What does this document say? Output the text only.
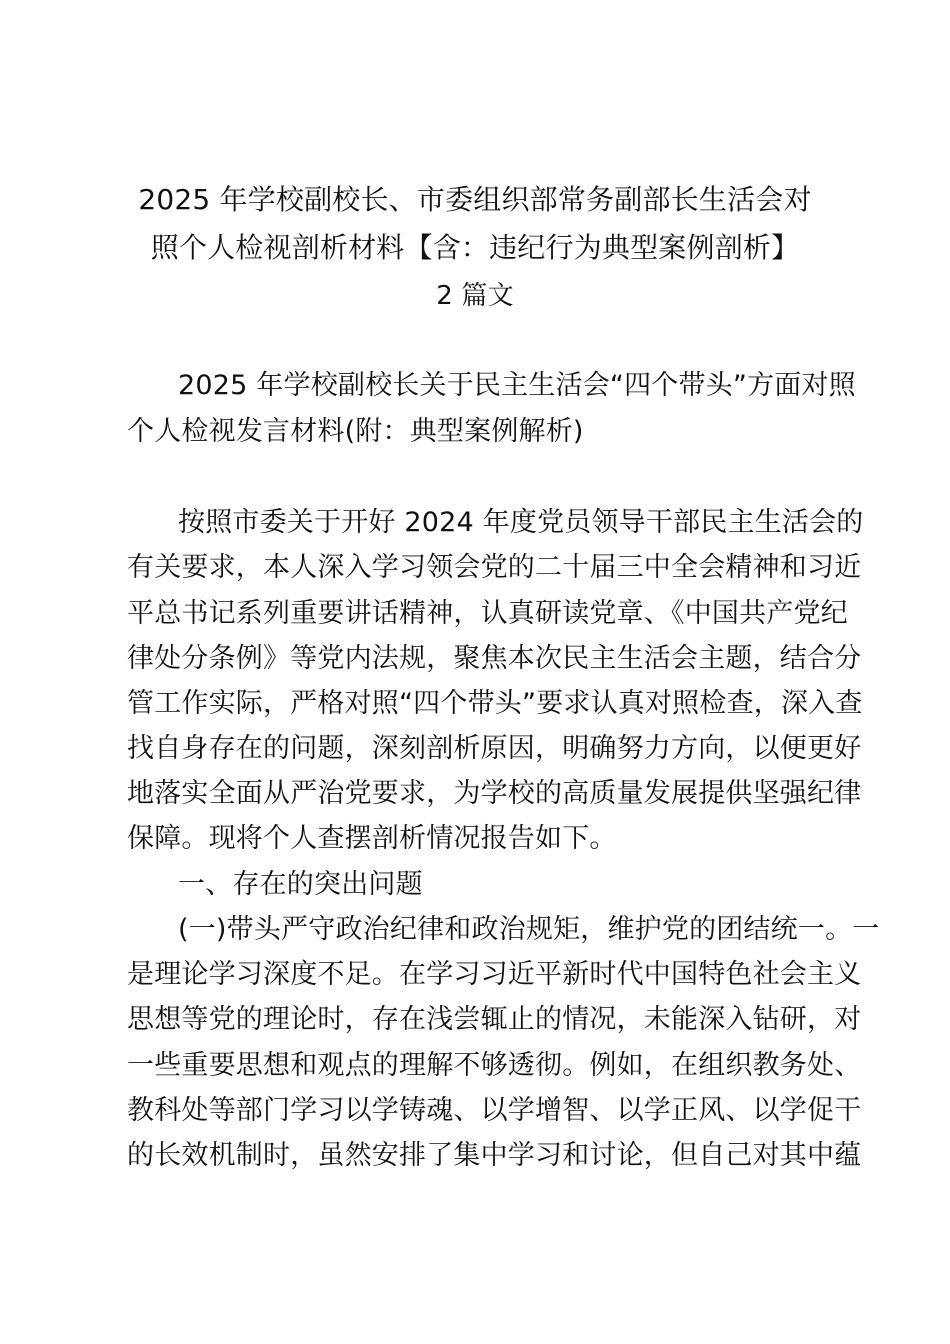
2025 年学校副校长、市委组织部常务副部长生活会对
照个人检视剖析材料【含：违纪行为典型案例剖析】
2 篇文
2025 年学校副校长关于民主生活会“四个带头”方面对照
个人检视发言材料(附：典型案例解析)
按照市委关于开好 2024 年度党员领导干部民主生活会的
有关要求，本人深入学习领会党的二十届三中全会精神和习近
平总书记系列重要讲话精神，认真研读党章、《中国共产党纪
律处分条例》等党内法规，聚焦本次民主生活会主题，结合分
管工作实际，严格对照“四个带头”要求认真对照检查，深入查
找自身存在的问题，深刻剖析原因，明确努力方向，以便更好
地落实全面从严治党要求，为学校的高质量发展提供坚强纪律
保障。现将个人查摆剖析情况报告如下。
一、存在的突出问题
(一)带头严守政治纪律和政治规矩，维护党的团结统一。一
是理论学习深度不足。在学习习近平新时代中国特色社会主义
思想等党的理论时，存在浅尝辄止的情况，未能深入钻研，对
一些重要思想和观点的理解不够透彻。例如，在组织教务处、
教科处等部门学习以学铸魂、以学增智、以学正风、以学促干
的长效机制时，虽然安排了集中学习和讨论，但自己对其中蕴
